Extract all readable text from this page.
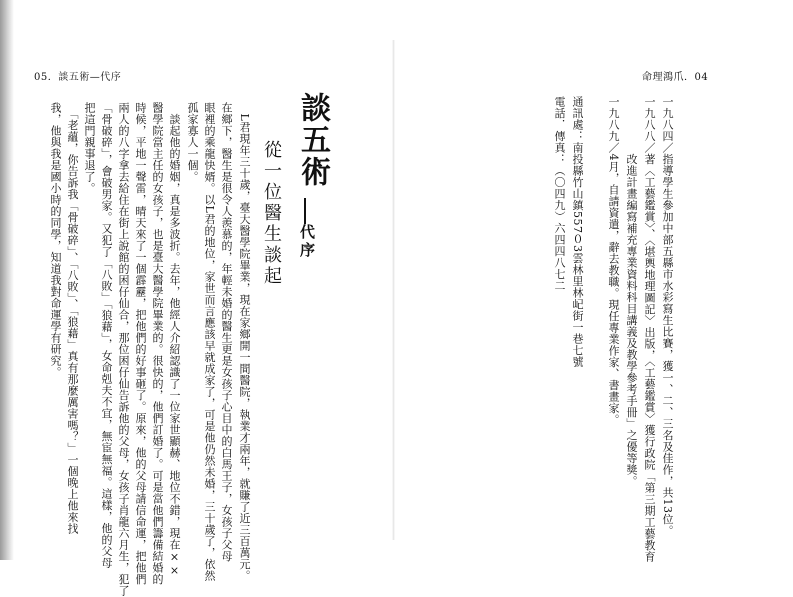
05．談五術—代序	命理鴻爪．04
一九八四／指導學生參加中部五縣市水彩寫生比賽，獲一、二、三名及佳作，共13位。
一九八八／著〈工藝鑑賞〉、〈堪輿地理圖記〉出版，〈工藝鑑賞〉獲行政院「第三期工藝教育
　　　　　改進計畫編寫補充專業資料科目講義及教學參考手冊」之優等獎。
一九八九／4月，自請資遣，辭去教職。現任專業作家、書畫家。
通訊處：南投縣竹山鎮557０3雲林里林屺街一巷七號
電話．傳真：（〇四九）六四四八七二
談五術
代序
從一位醫生談起
　L君現年三十歲，臺大醫學院畢業，現在家鄉開一間醫院，執業才兩年，就賺了近三百萬元。
在鄉下，醫生是很令人羨慕的，年輕未婚的醫生更是女孩子心目中的白馬王子，女孩子父母
眼裡的乘龍快婿。以L君的地位，家世而言應該早就成家了，可是他仍然未婚，三十歲了，依然
孤家寡人一個。
　談起他的婚姻，真是多波折。去年，他經人介紹認識了一位家世顯赫、地位不錯，現在××
醫學院當主任的女孩子，也是臺大醫學院畢業的。很快的，他們訂婚了。可是當他們籌備結婚的
時候，平地一聲雷，晴天來了一個霹靂，把他們的好事砸了。原來，他的父母請信命運，把他們
兩人的八字拿去給住在街上說館的困仔仙合，那位困仔仙告訴他的父母，女孩子肖龍六月生，犯了
「骨破碎」，會破男家。又犯了「八敗」「狼藉」，女命剋夫不宜，無宦無福。這樣，他的父母
把這門親事退了。
　「老蘊，你告訴我「骨破碎」、「八敗」、「狼藉」真有那麼厲害嗎？」一個晚上他來找
我，他與我是國小時的同學，知道我對命運學有研究。
